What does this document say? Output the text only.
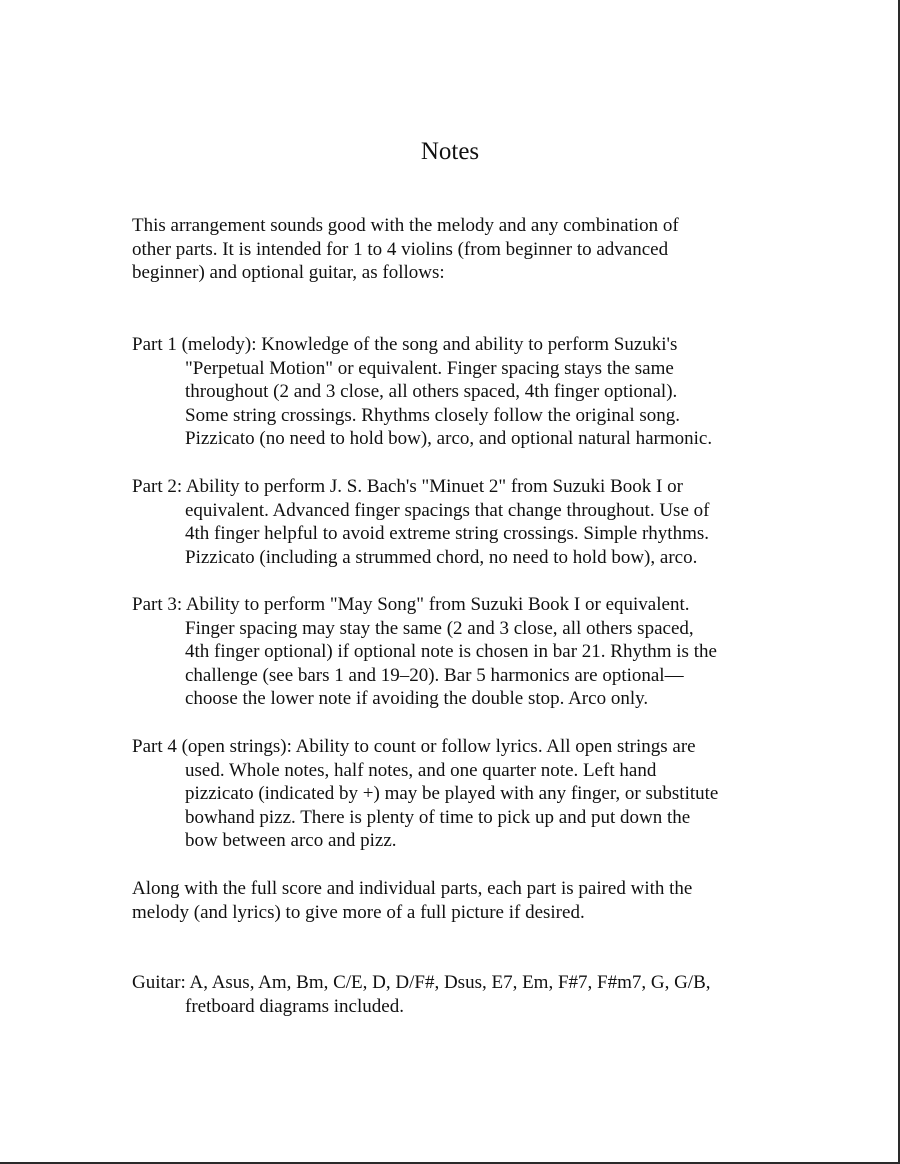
Notes
This arrangement sounds good with the melody and any combination of
other parts. It is intended for 1 to 4 violins (from beginner to advanced
beginner) and optional guitar, as follows:
Part 1 (melody): Knowledge of the song and ability to perform Suzuki's
"Perpetual Motion" or equivalent. Finger spacing stays the same
throughout (2 and 3 close, all others spaced, 4th finger optional).
Some string crossings. Rhythms closely follow the original song.
Pizzicato (no need to hold bow), arco, and optional natural harmonic.
Part 2: Ability to perform J. S. Bach's "Minuet 2" from Suzuki Book I or
equivalent. Advanced finger spacings that change throughout. Use of
4th finger helpful to avoid extreme string crossings. Simple rhythms.
Pizzicato (including a strummed chord, no need to hold bow), arco.
Part 3: Ability to perform "May Song" from Suzuki Book I or equivalent.
Finger spacing may stay the same (2 and 3 close, all others spaced,
4th finger optional) if optional note is chosen in bar 21. Rhythm is the
challenge (see bars 1 and 19–20). Bar 5 harmonics are optional—
choose the lower note if avoiding the double stop. Arco only.
Part 4 (open strings): Ability to count or follow lyrics. All open strings are
used. Whole notes, half notes, and one quarter note. Left hand
pizzicato (indicated by +) may be played with any finger, or substitute
bowhand pizz. There is plenty of time to pick up and put down the
bow between arco and pizz.
Along with the full score and individual parts, each part is paired with the
melody (and lyrics) to give more of a full picture if desired.
Guitar: A, Asus, Am, Bm, C/E, D, D/F#, Dsus, E7, Em, F#7, F#m7, G, G/B,
fretboard diagrams included.
